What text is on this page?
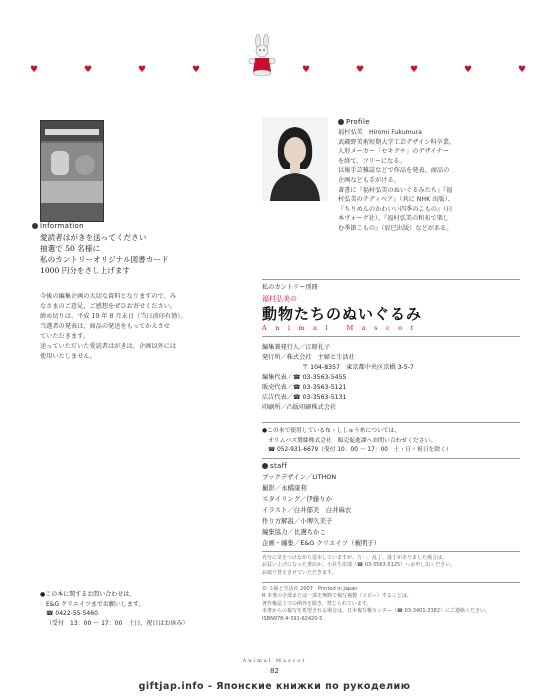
♥	♥	♥	♥	♥	♥	♥	♥	♥
Information
愛読者はがきを送ってください
抽選で 50 名様に
私のカントリーオリジナル図書カード
1000 円分をさし上げます
今後の編集企画の大切な資料となりますので、み
なさまのご意見、ご感想をぜひお寄せください。
締め切りは、平成 19 年 8 月末日（当日消印有効）。
当選者の発表は、商品の発送をもってかえさせ
ていただきます。
送っていただいた愛読者はがきは、企画以外には
使用いたしません。
Profile
福村弘美　 Hiromi Fukumura
武蔵野美術短期大学工芸デザイン科卒業。
人形メーカー「セキグチ」のデザイナー
を経て、フリーになる。
以後手芸雑誌などで作品を発表、商品の
企画なども手がける。
著書に『福村弘美のぬいぐるみたち』『福
村弘美のテディベア』（共に NHK 出版）、
『ちりめんのかわいい四季のこもの』（日
本ヴォーグ社）、『福村弘美の和布で楽し
む季節こもの』（辰巳出版）などがある。
私のカントリー別冊
福村弘美の
動物たちのぬいぐるみ
Animal Mascot
編集兼発行人／江原礼子
発行所／株式会社　主婦と生活社
〒 104-8357　東京都中央区京橋 3-5-7
編集代表／☎ 03-3563-5455
販売代表／☎ 03-3563-5121
広告代表／☎ 03-3563-5131
印刷所／凸版印刷株式会社
●この本で使用している布・ししゅう糸については、
オリムパス製絲株式会社　販売促進課へお問い合わせください。
☎ 052-931-6679（受付 10：00 〜 17：00　土・日・祝日を除く）
staff
ブックデザイン／LITHON
撮影／永橋康利
スタイリング／伊藤りか
イラスト／白井郁美　白井麻衣
作り方解説／小堺久美子
編集協力／比護ちかこ
企画・編集／E&G クリエイツ（薮明子）
充分に気をつけながら造本していますが、万一、乱丁、落丁がありました場合は、
お買い上げになった書店か、小社生産部（☎ 03-3563-5125）へお申し出ください。
お取り替えさせていただきます。
© 主婦と生活社 2007　Printed in Japan
R 本書の全部または一部を無断で複写複製（コピー）することは、
著作権法上での例外を除き、禁じられています。
本書からの複写を希望される場合は、日本複写権センター（☎ 03-3401-2382）にご連絡ください。
ISBN978-4-391-62420-5
●この本に関するお問い合わせは、
E&G クリエイツまでお願いします。
☎ 0422-55-5460
（受付　13：00 〜 17：00　土日、祝日はお休み）
Animal Mascot
82
giftjap.info - Японские книжки по рукоделию
